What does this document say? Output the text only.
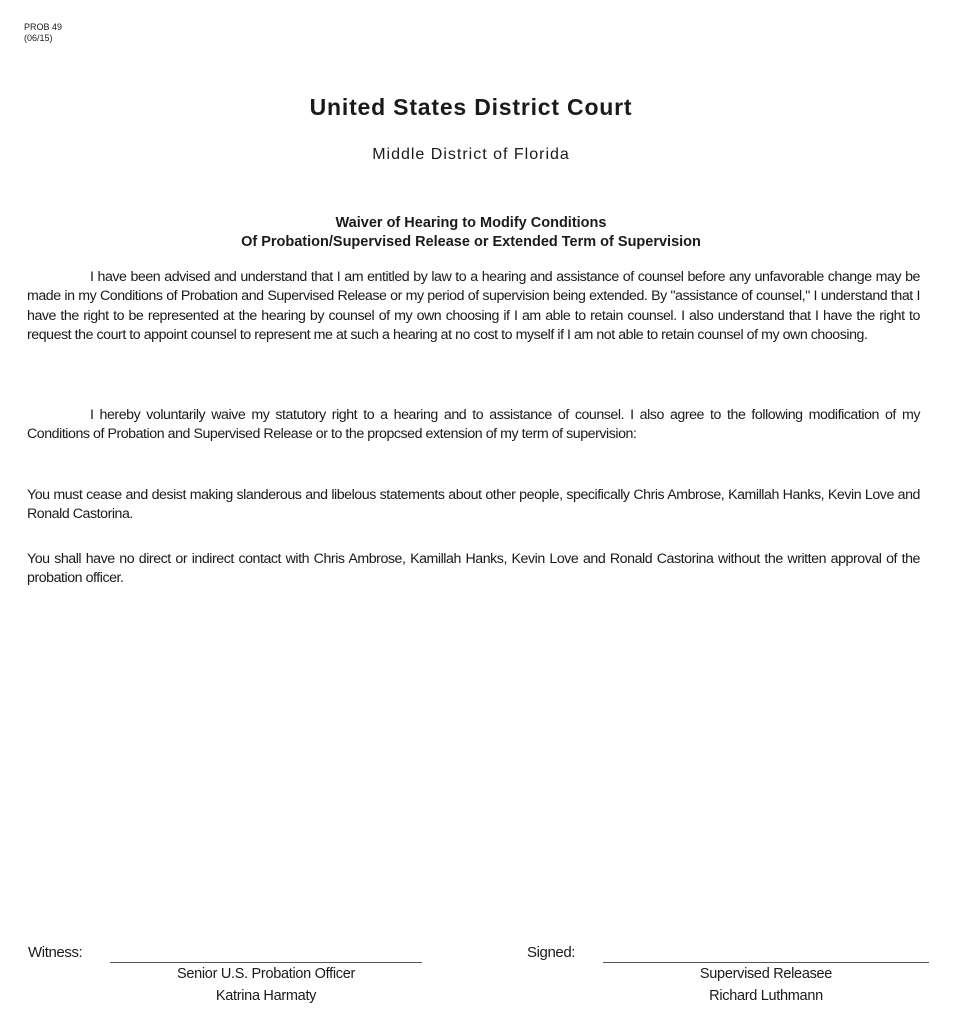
PROB 49
(06/15)
United States District Court
Middle District of Florida
Waiver of Hearing to Modify Conditions
Of Probation/Supervised Release or Extended Term of Supervision

I have been advised and understand that I am entitled by law to a hearing and assistance of counsel before any unfavorable change may be made in my Conditions of Probation and Supervised Release or my period of supervision being extended. By "assistance of counsel," I understand that I have the right to be represented at the hearing by counsel of my own choosing if I am able to retain counsel. I also understand that I have the right to request the court to appoint counsel to represent me at such a hearing at no cost to myself if I am not able to retain counsel of my own choosing.

I hereby voluntarily waive my statutory right to a hearing and to assistance of counsel. I also agree to the following modification of my Conditions of Probation and Supervised Release or to the propcsed extension of my term of supervision:

You must cease and desist making slanderous and libelous statements about other people, specifically Chris Ambrose, Kamillah Hanks, Kevin Love and Ronald Castorina.

You shall have no direct or indirect contact with Chris Ambrose, Kamillah Hanks, Kevin Love and Ronald Castorina without the written approval of the probation officer.

Witness:
Senior U.S. Probation Officer
Katrina Harmaty
Signed:
Supervised Releasee
Richard Luthmann
